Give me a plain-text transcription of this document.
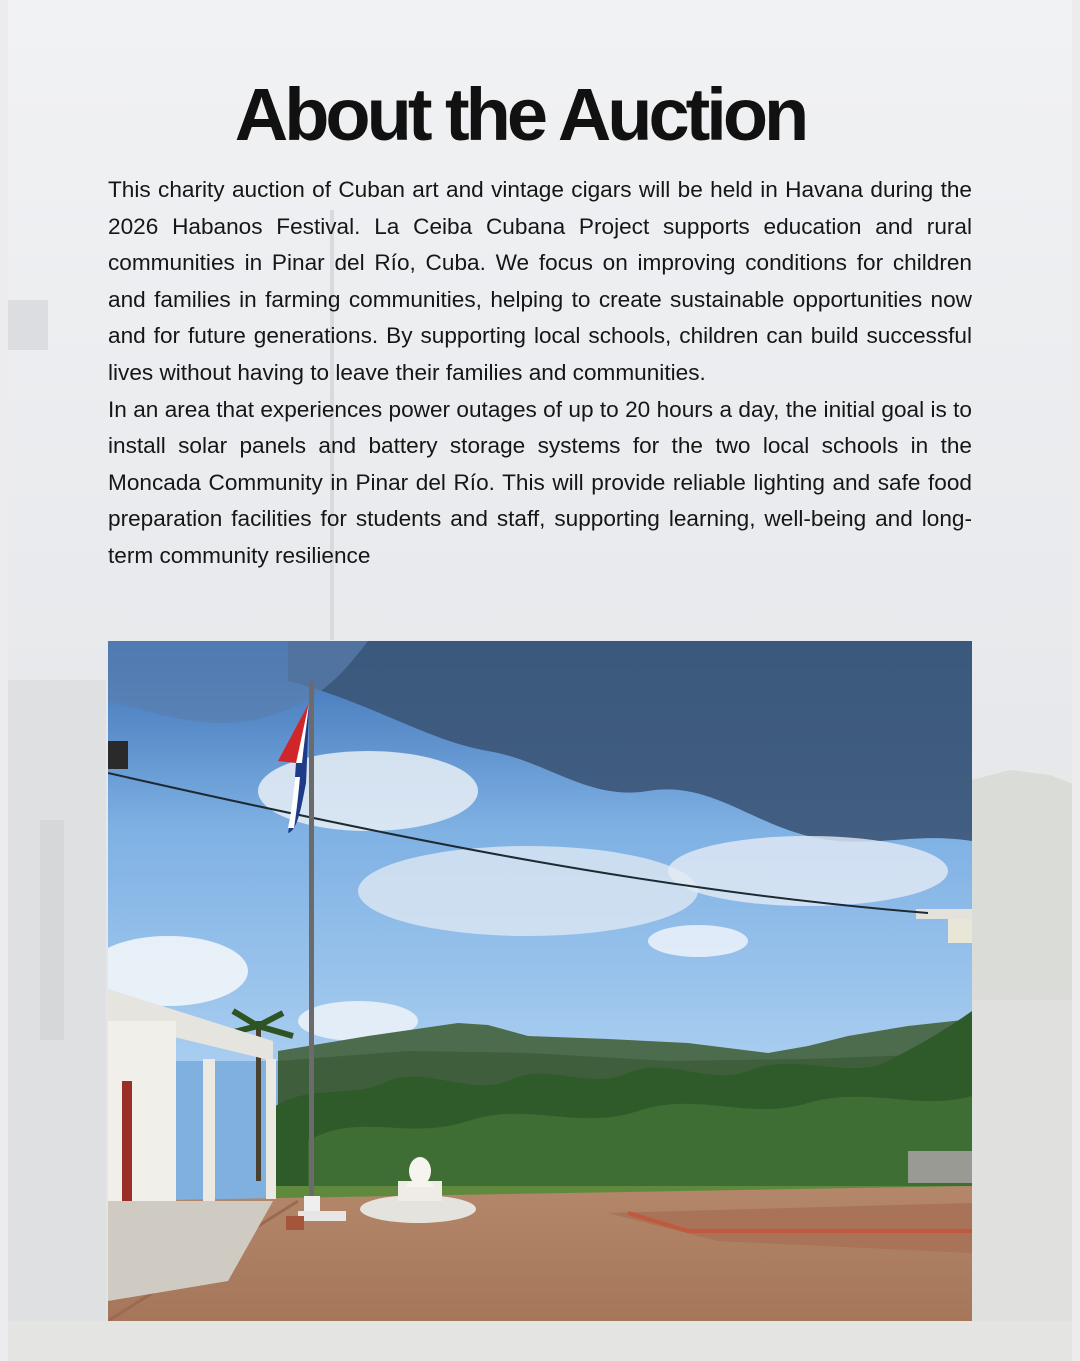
About the Auction

This charity auction of Cuban art and vintage cigars will be held in Havana during the 2026 Habanos Festival. La Ceiba Cubana Project supports education and rural communities in Pinar del Río, Cuba. We focus on improving conditions for children and families in farming communities, helping to create sustainable opportunities now and for future generations. By supporting local schools, children can build successful lives without having to leave their families and communities.

In an area that experiences power outages of up to 20 hours a day, the initial goal is to install solar panels and battery storage systems for the two local schools in the Moncada Community in Pinar del Río. This will provide reliable lighting and safe food preparation facilities for students and staff, supporting learning, well-being and long-term community resilience
